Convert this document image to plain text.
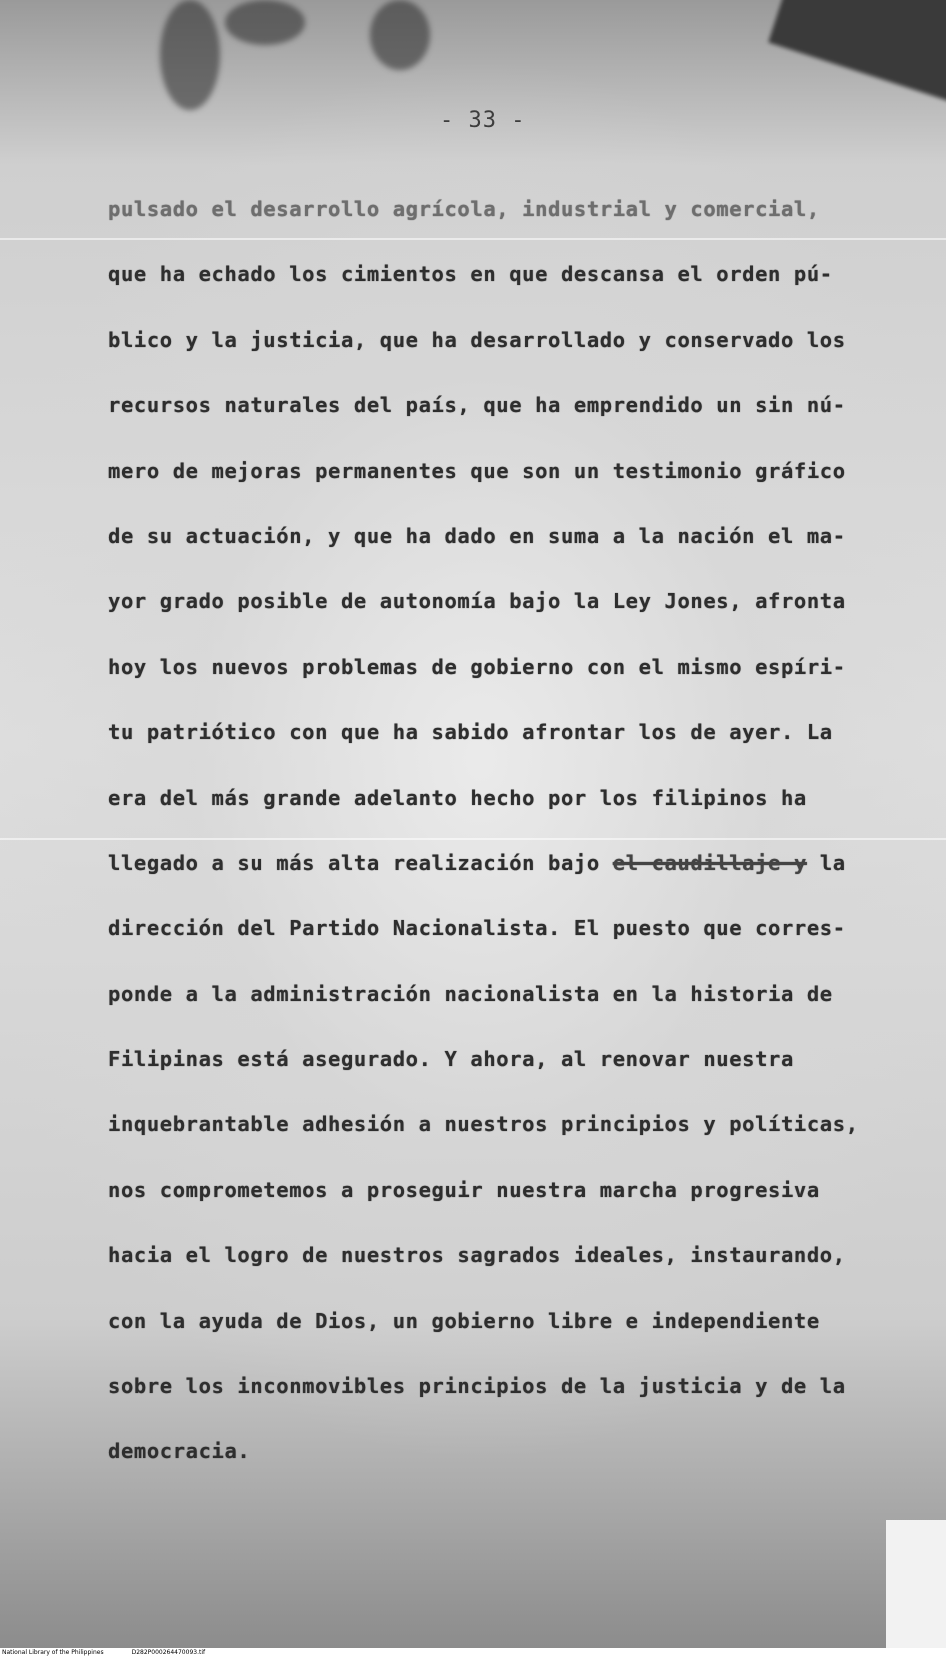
- 33 -
pulsado el desarrollo agrícola, industrial y comercial,
que ha echado los cimientos en que descansa el orden pú-
blico y la justicia, que ha desarrollado y conservado los
recursos naturales del país, que ha emprendido un sin nú-
mero de mejoras permanentes que son un testimonio gráfico
de su actuación, y que ha dado en suma a la nación el ma-
yor grado posible de autonomía bajo la Ley Jones, afronta
hoy los nuevos problemas de gobierno con el mismo espíri-
tu patriótico con que ha sabido afrontar los de ayer. La
era del más grande adelanto hecho por los filipinos ha
llegado a su más alta realización bajo el caudillaje y la
dirección del Partido Nacionalista. El puesto que corres-
ponde a la administración nacionalista en la historia de
Filipinas está asegurado. Y ahora, al renovar nuestra
inquebrantable adhesión a nuestros principios y políticas,
nos comprometemos a proseguir nuestra marcha progresiva
hacia el logro de nuestros sagrados ideales, instaurando,
con la ayuda de Dios, un gobierno libre e independiente
sobre los inconmovibles principios de la justicia y de la
democracia.
National Library of the Philippines	D282P000264470093.tif
